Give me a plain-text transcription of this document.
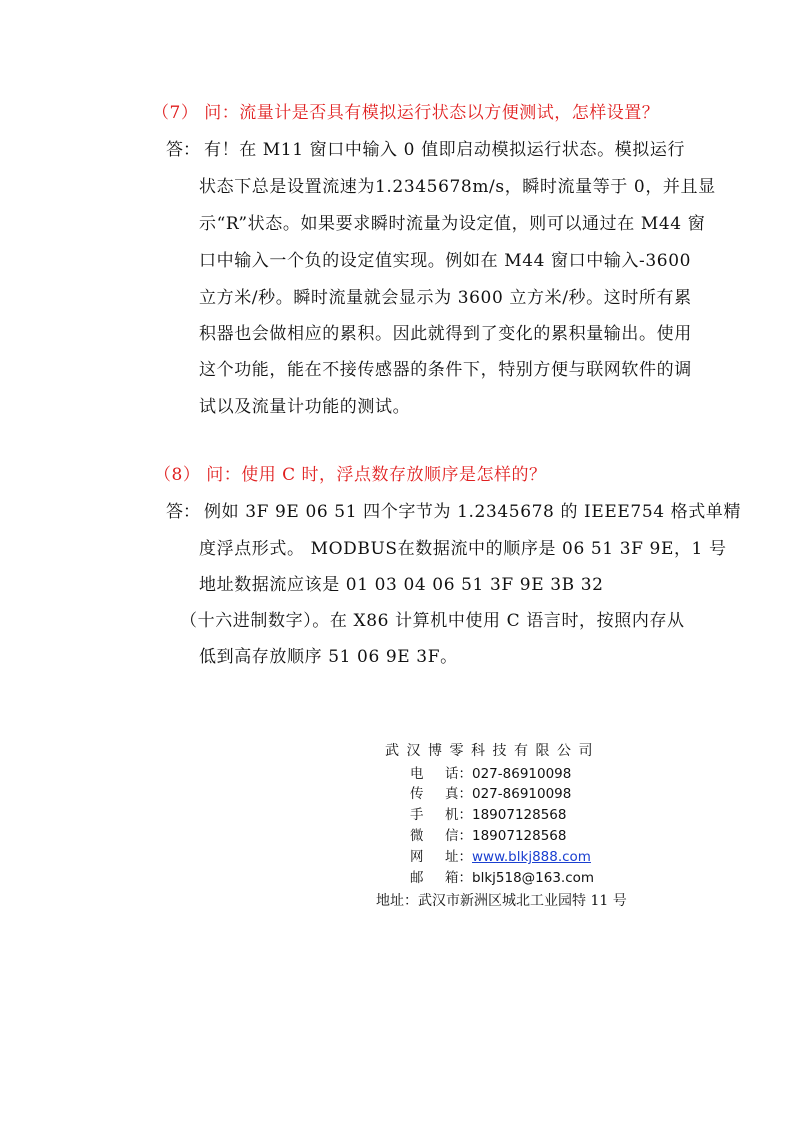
（7） 问：流量计是否具有模拟运行状态以方便测试，怎样设置？
答： 有！在 M11 窗口中输入 0 值即启动模拟运行状态。模拟运行
状态下总是设置流速为1.2345678m/s，瞬时流量等于 0，并且显
示“R”状态。如果要求瞬时流量为设定值，则可以通过在 M44 窗
口中输入一个负的设定值实现。例如在 M44 窗口中输入-3600
立方米/秒。瞬时流量就会显示为 3600 立方米/秒。这时所有累
积器也会做相应的累积。因此就得到了变化的累积量输出。使用
这个功能，能在不接传感器的条件下，特别方便与联网软件的调
试以及流量计功能的测试。
（8） 问：使用 C 时，浮点数存放顺序是怎样的？
答： 例如 3F 9E 06 51 四个字节为 1.2345678 的 IEEE754 格式单精
度浮点形式。 MODBUS在数据流中的顺序是 06 51 3F 9E，1 号
地址数据流应该是 01 03 04 06 51 3F 9E 3B 32
（十六进制数字）。在 X86 计算机中使用 C 语言时，按照内存从
低到高存放顺序 51 06 9E 3F。
武汉博零科技有限公司
电 话： 027-86910098
传 真： 027-86910098
手 机： 18907128568
微 信： 18907128568
网 址： www.blkj888.com
邮 箱： blkj518@163.com
地址：武汉市新洲区城北工业园特 11 号
